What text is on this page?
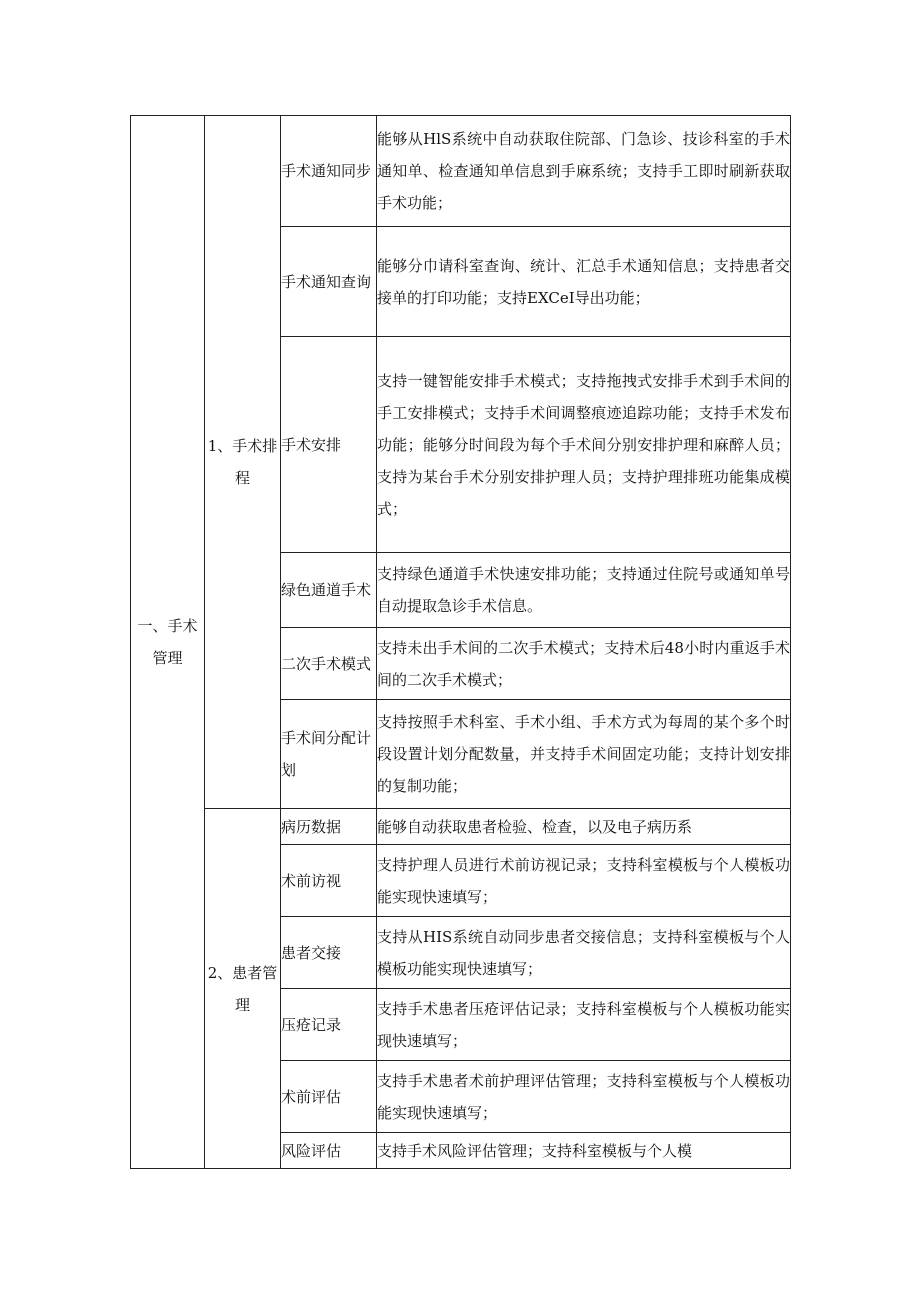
一、手术管理	1、手术排程	手术通知同步	能够从HlS系统中自动获取住院部、门急诊、技诊科室的手术通知单、检查通知单信息到手麻系统；支持手工即时刷新获取手术功能；
		手术通知查询	能够分巾请科室查询、统计、汇总手术通知信息；支持患者交接单的打印功能；支持EXCeI导出功能；
		手术安排	支持一键智能安排手术模式；支持拖拽式安排手术到手术间的手工安排模式；支持手术间调整痕迹追踪功能；支持手术发布功能；能够分时间段为每个手术间分别安排护理和麻醉人员；支持为某台手术分别安排护理人员；支持护理排班功能集成模式；
		绿色通道手术	支持绿色通道手术快速安排功能；支持通过住院号或通知单号自动提取急诊手术信息。
		二次手术模式	支持未出手术间的二次手术模式；支持术后48小时内重返手术间的二次手术模式；
		手术间分配计划	支持按照手术科室、手术小组、手术方式为每周的某个多个时段设置计划分配数量，并支持手术间固定功能；支持计划安排的复制功能；
	2、患者管理	病历数据	能够自动获取患者检验、检查，以及电子病历系
		术前访视	支持护理人员进行术前访视记录；支持科室模板与个人模板功能实现快速填写；
		患者交接	支持从HIS系统自动同步患者交接信息；支持科室模板与个人模板功能实现快速填写；
		压疮记录	支持手术患者压疮评估记录；支持科室模板与个人模板功能实现快速填写；
		术前评估	支持手术患者术前护理评估管理；支持科室模板与个人模板功能实现快速填写；
		风险评估	支持手术风险评估管理；支持科室模板与个人模
